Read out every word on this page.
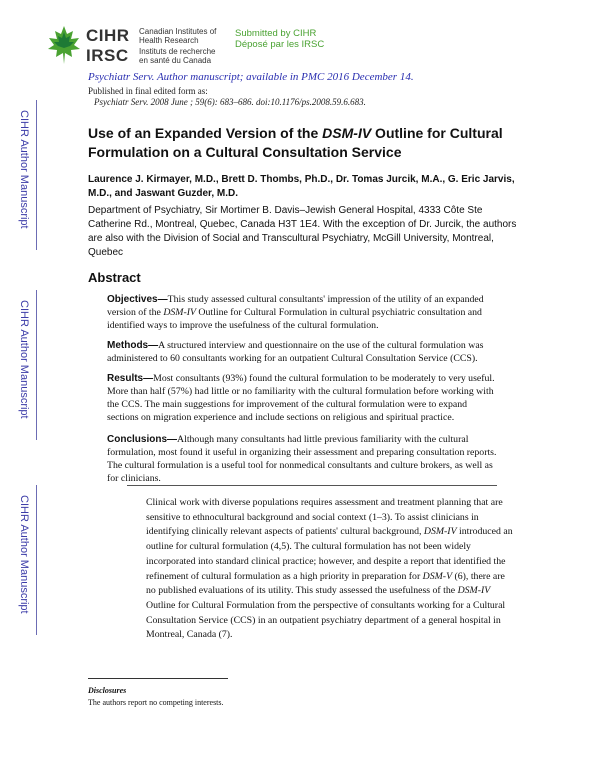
CIHR
IRSC
Canadian Institutes of
Health Research
Instituts de recherche
en santé du Canada
Submitted by CIHR
Déposé par les IRSC
Psychiatr Serv. Author manuscript; available in PMC 2016 December 14.
Published in final edited form as:
Psychiatr Serv. 2008 June ; 59(6): 683–686. doi:10.1176/ps.2008.59.6.683.
CIHR Author Manuscript
CIHR Author Manuscript
CIHR Author Manuscript
Use of an Expanded Version of the DSM-IV Outline for Cultural Formulation on a Cultural Consultation Service
Laurence J. Kirmayer, M.D., Brett D. Thombs, Ph.D., Dr. Tomas Jurcik, M.A., G. Eric Jarvis, M.D., and Jaswant Guzder, M.D.
Department of Psychiatry, Sir Mortimer B. Davis–Jewish General Hospital, 4333 Côte Ste Catherine Rd., Montreal, Quebec, Canada H3T 1E4. With the exception of Dr. Jurcik, the authors are also with the Division of Social and Transcultural Psychiatry, McGill University, Montreal, Quebec
Abstract
Objectives—This study assessed cultural consultants' impression of the utility of an expanded version of the DSM-IV Outline for Cultural Formulation in cultural psychiatric consultation and identified ways to improve the usefulness of the cultural formulation.
Methods—A structured interview and questionnaire on the use of the cultural formulation was administered to 60 consultants working for an outpatient Cultural Consultation Service (CCS).
Results—Most consultants (93%) found the cultural formulation to be moderately to very useful. More than half (57%) had little or no familiarity with the cultural formulation before working with the CCS. The main suggestions for improvement of the cultural formulation were to expand sections on migration experience and include sections on religious and spiritual practice.
Conclusions—Although many consultants had little previous familiarity with the cultural formulation, most found it useful in organizing their assessment and preparing consultation reports. The cultural formulation is a useful tool for nonmedical consultants and culture brokers, as well as for clinicians.
Clinical work with diverse populations requires assessment and treatment planning that are sensitive to ethnocultural background and social context (1–3). To assist clinicians in identifying clinically relevant aspects of patients' cultural background, DSM-IV introduced an outline for cultural formulation (4,5). The cultural formulation has not been widely incorporated into standard clinical practice; however, and despite a report that identified the refinement of cultural formulation as a high priority in preparation for DSM-V (6), there are no published evaluations of its utility. This study assessed the usefulness of the DSM-IV Outline for Cultural Formulation from the perspective of consultants working for a Cultural Consultation Service (CCS) in an outpatient psychiatry department of a general hospital in Montreal, Canada (7).
Disclosures
The authors report no competing interests.
